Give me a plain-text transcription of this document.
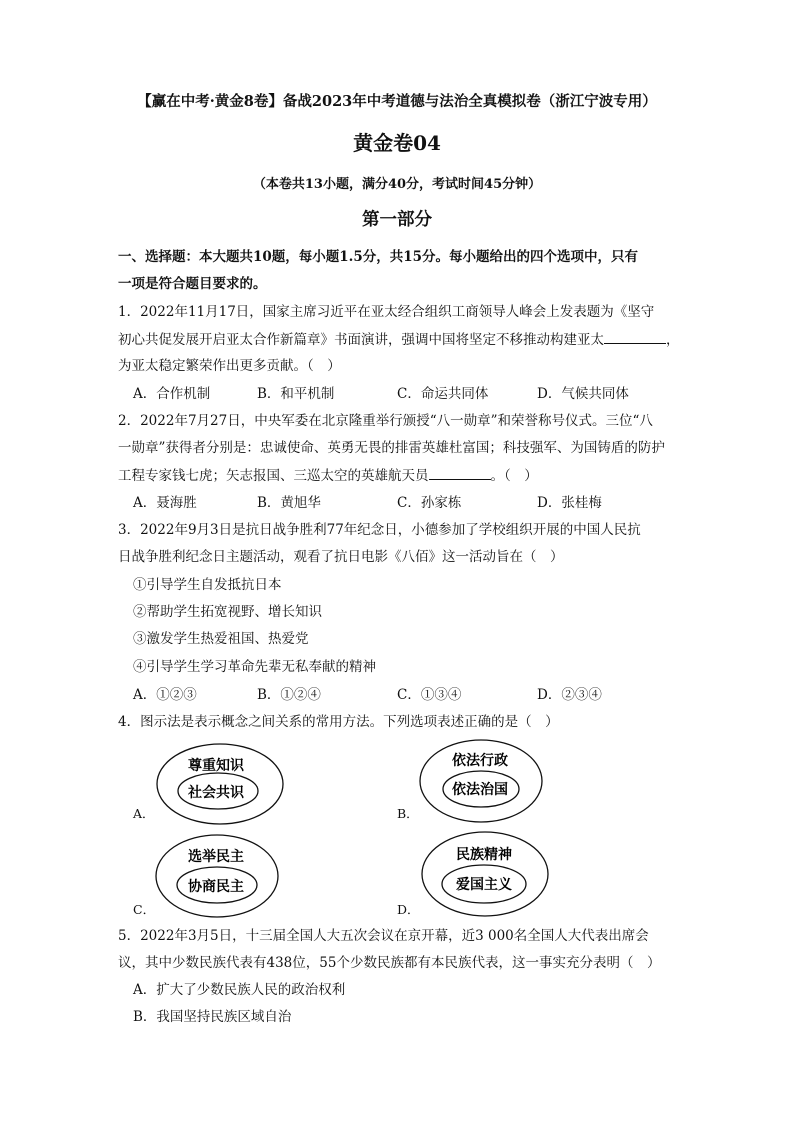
【赢在中考·黄金8卷】备战2023年中考道德与法治全真模拟卷（浙江宁波专用）
黄金卷04
（本卷共13小题，满分40分，考试时间45分钟）
第一部分
一、选择题：本大题共10题，每小题1.5分，共15分。每小题给出的四个选项中，只有
一项是符合题目要求的。
1．2022年11月17日，国家主席习近平在亚太经合组织工商领导人峰会上发表题为《坚守
初心共促发展开启亚太合作新篇章》书面演讲，强调中国将坚定不移推动构建亚太	，
为亚太稳定繁荣作出更多贡献。（　）
A．合作机制	B．和平机制	C．命运共同体	D．气候共同体
2．2022年7月27日，中央军委在北京隆重举行颁授“八一勋章”和荣誉称号仪式。三位“八
一勋章”获得者分别是：忠诚使命、英勇无畏的排雷英雄杜富国；科技强军、为国铸盾的防护
工程专家钱七虎；矢志报国、三巡太空的英雄航天员	。（　）
A．聂海胜	B．黄旭华	C．孙家栋	D．张桂梅
3．2022年9月3日是抗日战争胜利77年纪念日，小德参加了学校组织开展的中国人民抗
日战争胜利纪念日主题活动，观看了抗日电影《八佰》这一活动旨在（　）
①引导学生自发抵抗日本
②帮助学生拓宽视野、增长知识
③激发学生热爱祖国、热爱党
④引导学生学习革命先辈无私奉献的精神
A．①②③	B．①②④	C．①③④	D．②③④
4．图示法是表示概念之间关系的常用方法。下列选项表述正确的是（　）
A．
尊重知识
社会共识
B．
依法行政
依法治国
C．
选举民主
协商民主
D．
民族精神
爱国主义
5．2022年3月5日，十三届全国人大五次会议在京开幕，近3 000名全国人大代表出席会
议，其中少数民族代表有438位，55个少数民族都有本民族代表，这一事实充分表明（　）
A．扩大了少数民族人民的政治权利
B．我国坚持民族区域自治
